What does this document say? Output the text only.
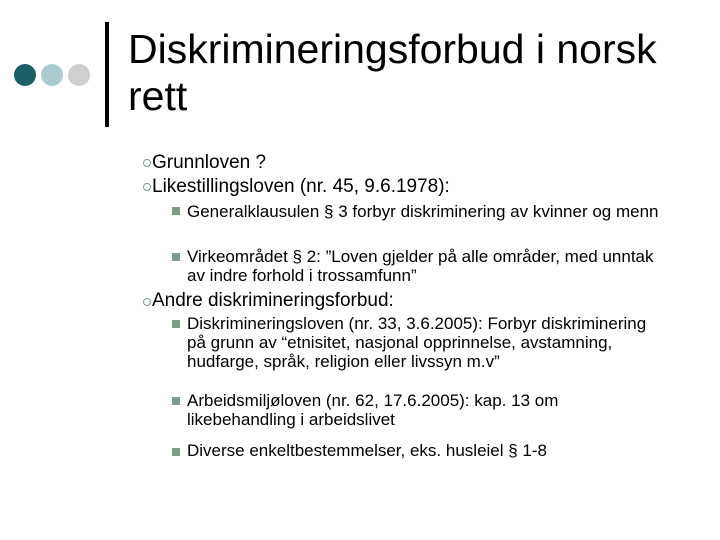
Diskrimineringsforbud i norsk rett
Grunnloven ?
Likestillingsloven (nr. 45, 9.6.1978):
Generalklausulen § 3 forbyr diskriminering av kvinner og menn
Virkeområdet § 2: ”Loven gjelder på alle områder, med unntak av indre forhold i trossamfunn”
Andre diskrimineringsforbud:
Diskrimineringsloven (nr. 33, 3.6.2005): Forbyr diskriminering på grunn av “etnisitet, nasjonal opprinnelse, avstamning, hudfarge, språk, religion eller livssyn m.v”
Arbeidsmiljøloven (nr. 62, 17.6.2005): kap. 13 om likebehandling i arbeidslivet
Diverse enkeltbestemmelser, eks. husleiel § 1-8
